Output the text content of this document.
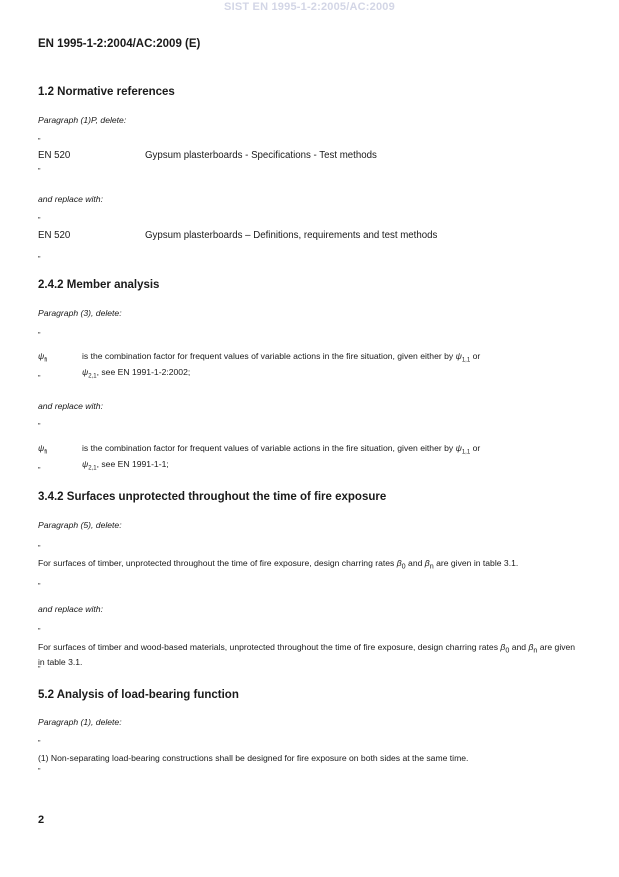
SIST EN 1995-1-2:2005/AC:2009
EN 1995-1-2:2004/AC:2009 (E)
1.2 Normative references
Paragraph (1)P, delete:
"
EN 520	Gypsum plasterboards - Specifications - Test methods
"
and replace with:
"
EN 520	Gypsum plasterboards – Definitions, requirements and test methods
"
2.4.2 Member analysis
Paragraph (3), delete:
"
$\psi_{fi}$	is the combination factor for frequent values of variable actions in the fire situation, given either by $\psi_{1,1}$ or
$\psi_{2,1}$, see EN 1991-1-2:2002;
"
and replace with:
"
$\psi_{fi}$	is the combination factor for frequent values of variable actions in the fire situation, given either by $\psi_{1,1}$ or
$\psi_{2,1}$, see EN 1991-1-1;
"
3.4.2 Surfaces unprotected throughout the time of fire exposure
Paragraph (5), delete:
"
For surfaces of timber, unprotected throughout the time of fire exposure, design charring rates $\beta_0$ and $\beta_n$ are given in table 3.1.
"
and replace with:
"
For surfaces of timber and wood-based materials, unprotected throughout the time of fire exposure, design charring rates $\beta_0$ and $\beta_n$ are given in table 3.1.
"
5.2 Analysis of load-bearing function
Paragraph (1), delete:
"
(1) Non-separating load-bearing constructions shall be designed for fire exposure on both sides at the same time.
"
2
